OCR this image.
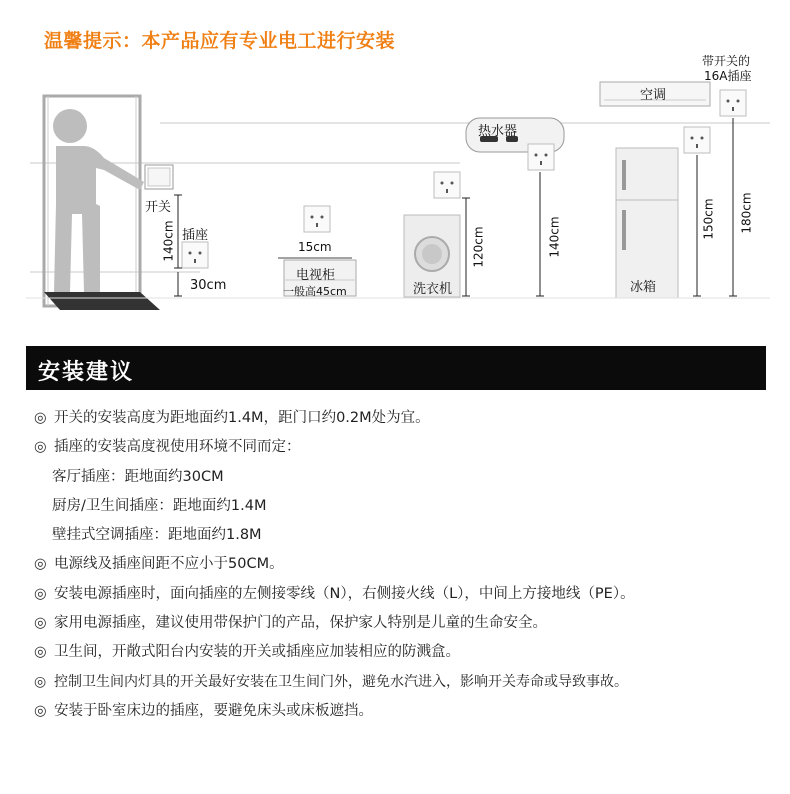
温馨提示：本产品应有专业电工进行安装
开关
插座
140cm
30cm
15cm
电视柜
一般高45cm	洗衣机
120cm
热水器
140cm
冰箱
150cm
空调
带开关的
16A插座
180cm
安装建议
◎ 开关的安装高度为距地面约1.4M，距门口约0.2M处为宜。
◎ 插座的安装高度视使用环境不同而定：
客厅插座：距地面约30CM
厨房/卫生间插座：距地面约1.4M
壁挂式空调插座：距地面约1.8M
◎ 电源线及插座间距不应小于50CM。
◎ 安装电源插座时，面向插座的左侧接零线（N），右侧接火线（L），中间上方接地线（PE）。
◎ 家用电源插座，建议使用带保护门的产品，保护家人特别是儿童的生命安全。
◎ 卫生间，开敞式阳台内安装的开关或插座应加装相应的防溅盒。
◎ 控制卫生间内灯具的开关最好安装在卫生间门外，避免水汽进入，影响开关寿命或导致事故。
◎ 安装于卧室床边的插座，要避免床头或床板遮挡。
